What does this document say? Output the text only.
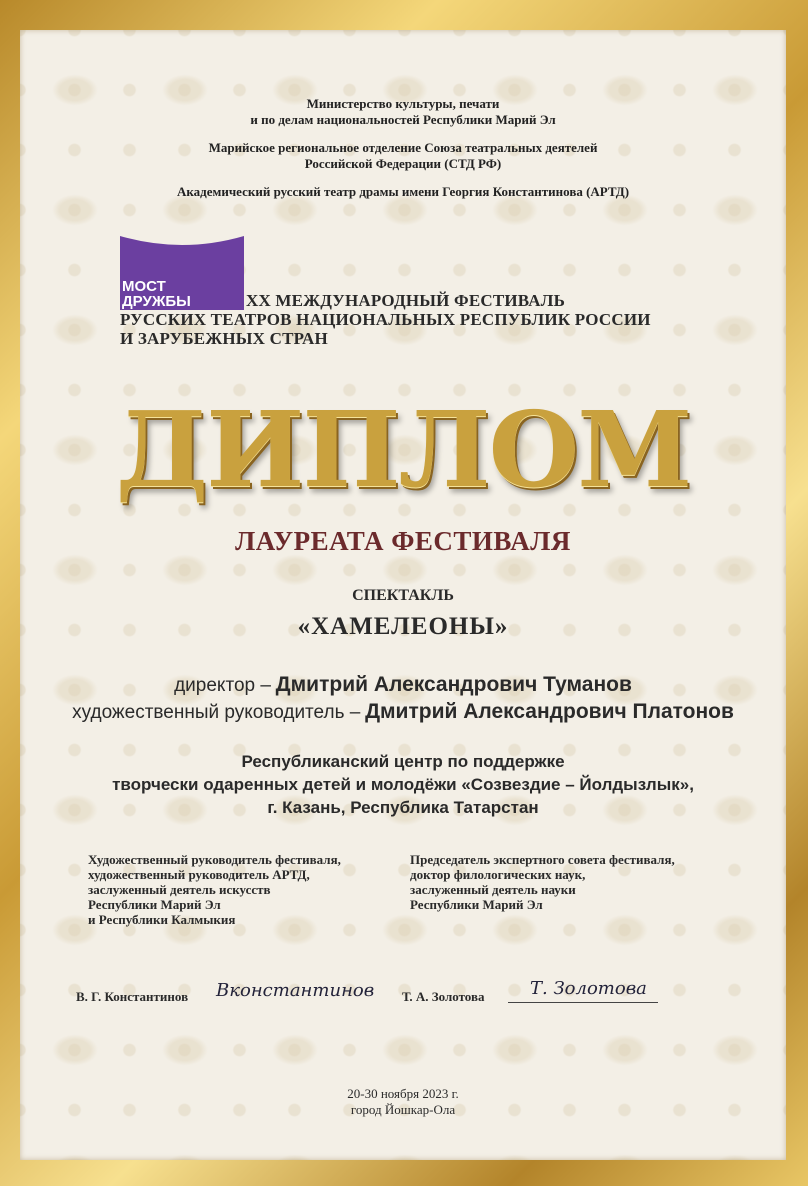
Министерство культуры, печати
и по делам национальностей Республики Марий Эл
Марийское региональное отделение Союза театральных деятелей
Российской Федерации (СТД РФ)
Академический русский театр драмы имени Георгия Константинова (АРТД)
МОСТ
ДРУЖБЫ	XX МЕЖДУНАРОДНЫЙ ФЕСТИВАЛЬ
РУССКИХ ТЕАТРОВ НАЦИОНАЛЬНЫХ РЕСПУБЛИК РОССИИ
И ЗАРУБЕЖНЫХ СТРАН
ДИПЛОМ
ЛАУРЕАТА ФЕСТИВАЛЯ
СПЕКТАКЛЬ
«ХАМЕЛЕОНЫ»
директор – Дмитрий Александрович Туманов
художественный руководитель – Дмитрий Александрович Платонов
Республиканский центр по поддержке
творчески одаренных детей и молодёжи «Созвездие – Йолдызлык»,
г. Казань, Республика Татарстан
Художественный руководитель фестиваля,
художественный руководитель АРТД,
заслуженный деятель искусств
Республики Марий Эл
и Республики Калмыкия
Председатель экспертного совета фестиваля,
доктор филологических наук,
заслуженный деятель науки
Республики Марий Эл
В. Г. Константинов Вконстантинов Т. А. Золотова	Т. Золотова
20-30 ноября 2023 г.
город Йошкар-Ола
